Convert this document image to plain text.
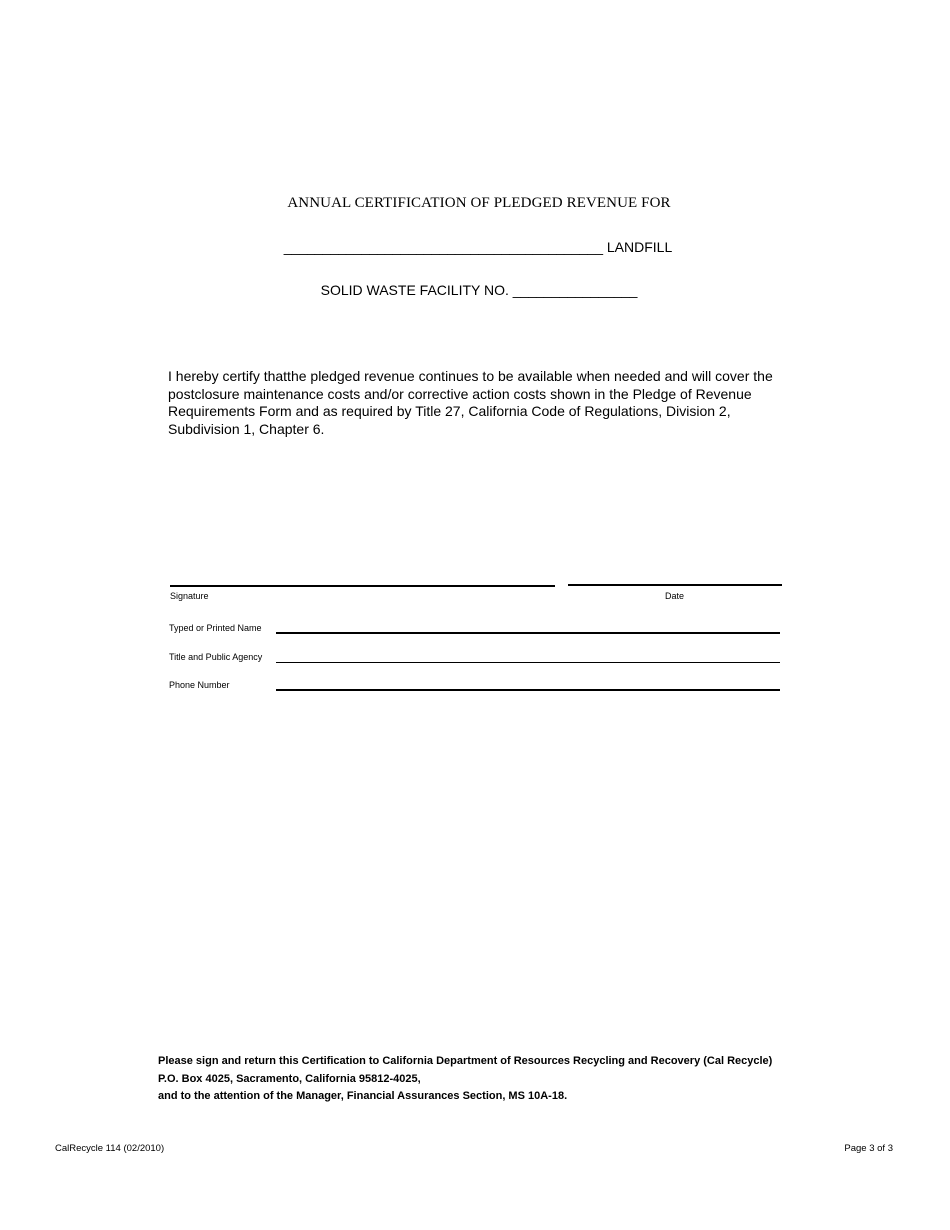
ANNUAL CERTIFICATION OF PLEDGED REVENUE FOR
_________________________________________ LANDFILL
SOLID WASTE FACILITY NO. ________________
I hereby certify thatthe pledged revenue continues to be available when needed and will cover the postclosure maintenance costs and/or corrective action costs shown in the Pledge of Revenue Requirements Form and as required by Title 27, California Code of Regulations, Division 2, Subdivision 1, Chapter 6.
Signature	Date
Typed or Printed Name
Title and Public Agency
Phone Number
Please sign and return this Certification to California Department of Resources Recycling and Recovery (Cal Recycle)
P.O. Box 4025, Sacramento, California 95812-4025,
and to the attention of the Manager, Financial Assurances Section, MS 10A-18.
CalRecycle 114 (02/2010)	Page 3 of 3
